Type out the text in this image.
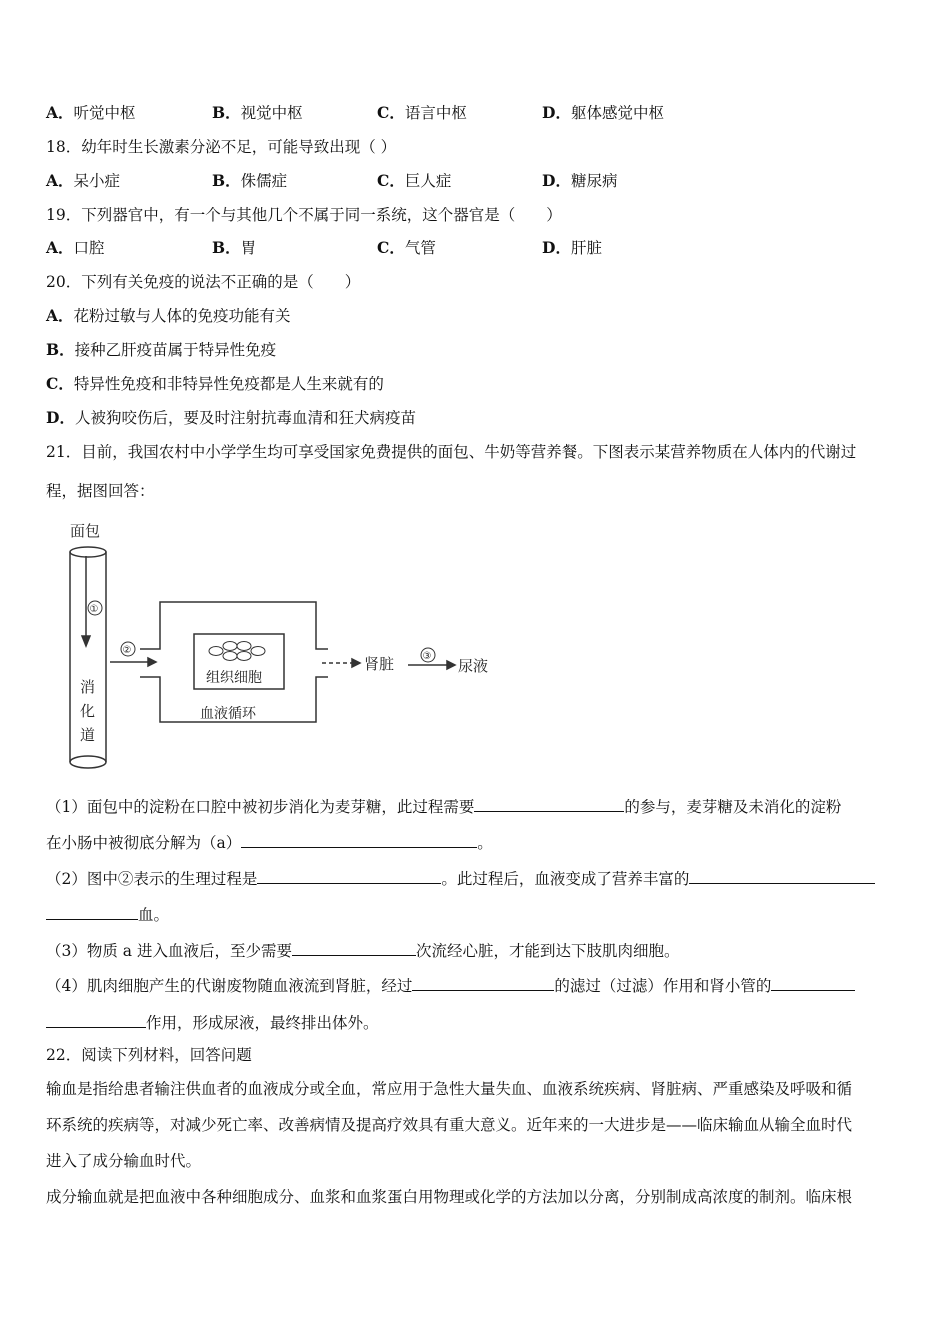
A．听觉中枢	B．视觉中枢	C．语言中枢	D．躯体感觉中枢
18．幼年时生长激素分泌不足，可能导致出现（ ）
A．呆小症	B．侏儒症	C．巨人症	D．糖尿病
19．下列器官中，有一个与其他几个不属于同一系统，这个器官是（　　）
A．口腔	B．胃	C．气管	D．肝脏
20．下列有关免疫的说法不正确的是（　　）
A．花粉过敏与人体的免疫功能有关
B．接种乙肝疫苗属于特异性免疫
C．特异性免疫和非特异性免疫都是人生来就有的
D．人被狗咬伤后，要及时注射抗毒血清和狂犬病疫苗
21．目前，我国农村中小学学生均可享受国家免费提供的面包、牛奶等营养餐。下图表示某营养物质在人体内的代谢过
程，据图回答：
面包
①
消
化
道
②
组织细胞
血液循环
肾脏	③
尿液
（1）面包中的淀粉在口腔中被初步消化为麦芽糖，此过程需要	的参与，麦芽糖及未消化的淀粉
在小肠中被彻底分解为（a）	。
（2）图中②表示的生理过程是	。此过程后，血液变成了营养丰富的
血。
（3）物质 a 进入血液后，至少需要	次流经心脏，才能到达下肢肌肉细胞。
（4）肌肉细胞产生的代谢废物随血液流到肾脏，经过	的滤过（过滤）作用和肾小管的
作用，形成尿液，最终排出体外。
22．阅读下列材料，回答问题
输血是指给患者输注供血者的血液成分或全血，常应用于急性大量失血、血液系统疾病、肾脏病、严重感染及呼吸和循
环系统的疾病等，对减少死亡率、改善病情及提高疗效具有重大意义。近年来的一大进步是——临床输血从输全血时代
进入了成分输血时代。
成分输血就是把血液中各种细胞成分、血浆和血浆蛋白用物理或化学的方法加以分离，分别制成高浓度的制剂。临床根
